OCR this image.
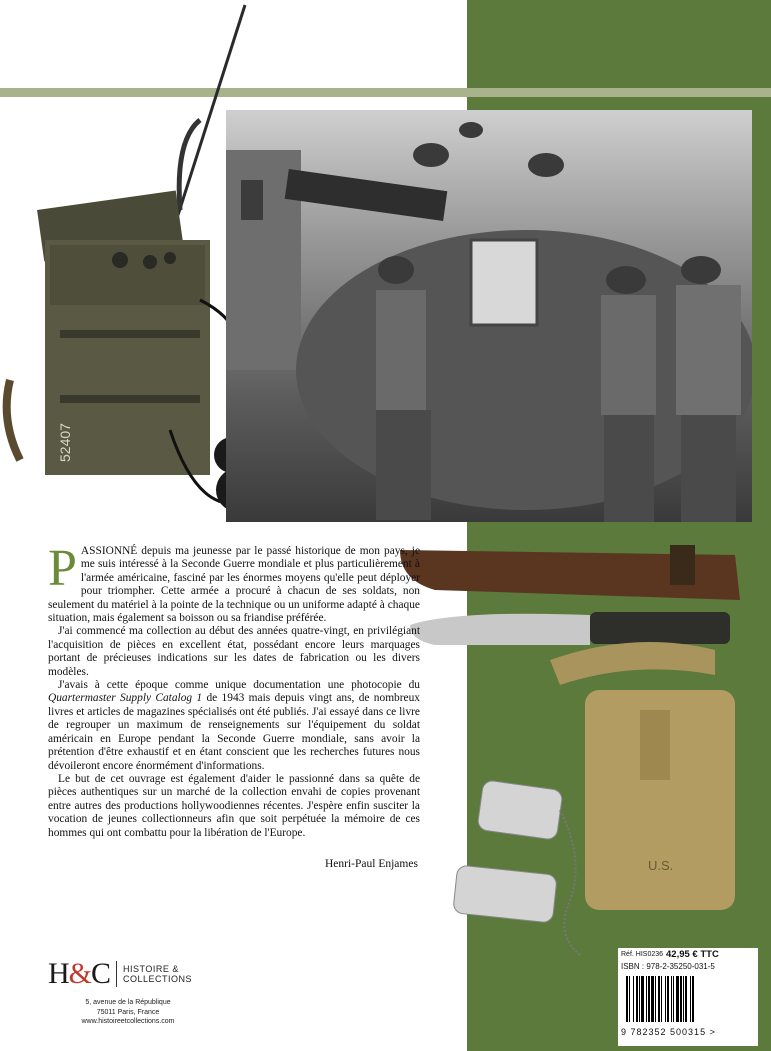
52407
U.S.

PASSIONNÉ depuis ma jeunesse par le passé historique de mon pays, je me suis intéressé à la Seconde Guerre mondiale et plus particulièrement à l'armée américaine, fasciné par les énormes moyens qu'elle peut déployer pour triompher. Cette armée a procuré à chacun de ses soldats, non seulement du matériel à la pointe de la technique ou un uniforme adapté à chaque situation, mais également sa boisson ou sa friandise préférée.

J'ai commencé ma collection au début des années quatre-vingt, en privilégiant l'acquisition de pièces en excellent état, possédant encore leurs marquages portant de précieuses indications sur les dates de fabrication ou les divers modèles.

J'avais à cette époque comme unique documentation une photocopie du Quartermaster Supply Catalog 1 de 1943 mais depuis vingt ans, de nombreux livres et articles de magazines spécialisés ont été publiés. J'ai essayé dans ce livre de regrouper un maximum de renseignements sur l'équipement du soldat américain en Europe pendant la Seconde Guerre mondiale, sans avoir la prétention d'être exhaustif et en étant conscient que les recherches futures nous dévoileront encore énormément d'informations.

Le but de cet ouvrage est également d'aider le passionné dans sa quête de pièces authentiques sur un marché de la collection envahi de copies provenant entre autres des productions hollywoodiennes récentes. J'espère enfin susciter la vocation de jeunes collectionneurs afin que soit perpétuée la mémoire de ces hommes qui ont combattu pour la libération de l'Europe.

Henri-Paul Enjames
H&C HISTOIRE &
COLLECTIONS
5, avenue de la République
75011 Paris, France
www.histoireetcollections.com
Réf. HIS0236 42,95 € TTC
ISBN : 978-2-35250-031-5
9 782352 500315 >
